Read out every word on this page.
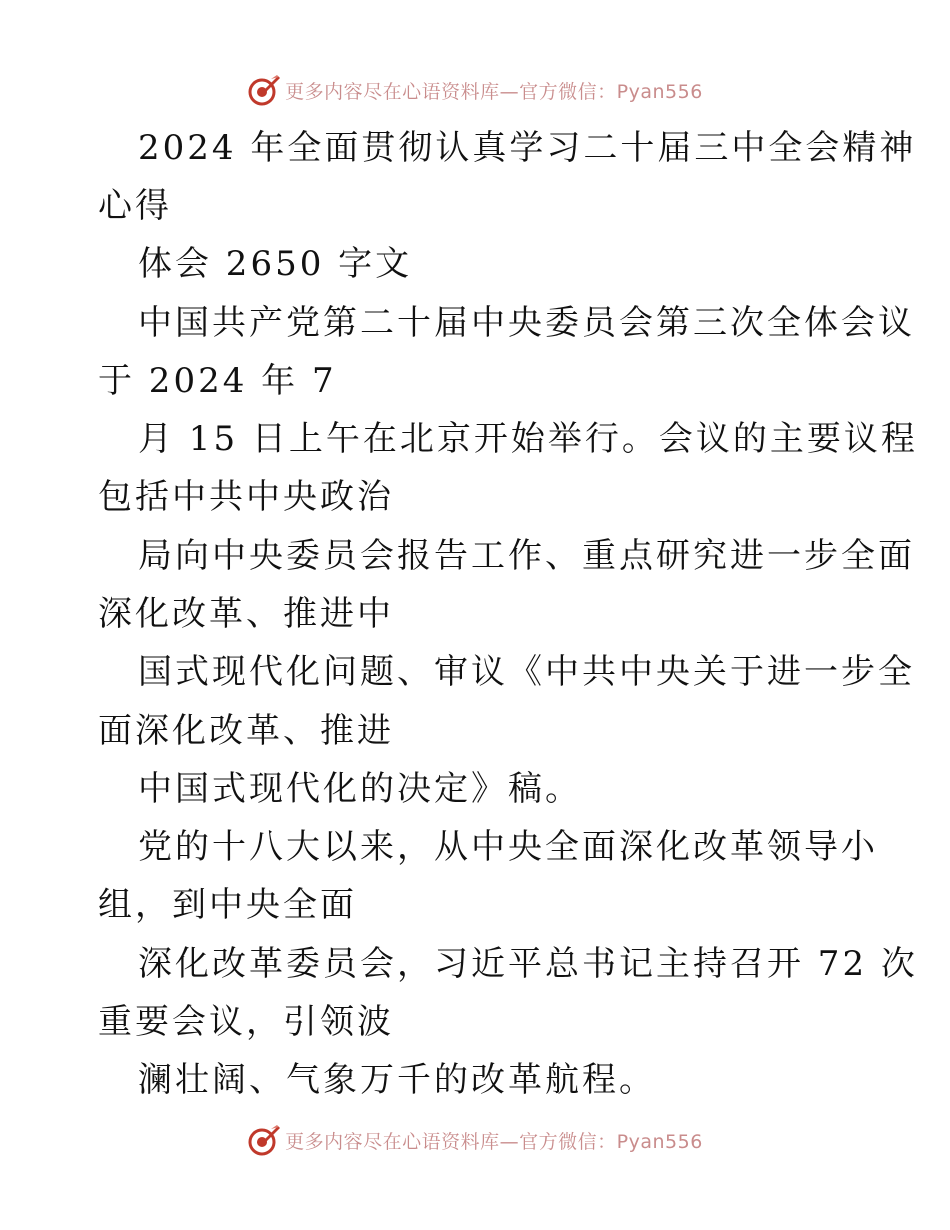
更多内容尽在心语资料库—官方微信：Pyan556
2024 年全面贯彻认真学习二十届三中全会精神
心得
体会 2650 字文
中国共产党第二十届中央委员会第三次全体会议
于 2024 年 7
月 15 日上午在北京开始举行。会议的主要议程
包括中共中央政治
局向中央委员会报告工作、重点研究进一步全面
深化改革、推进中
国式现代化问题、审议《中共中央关于进一步全
面深化改革、推进
中国式现代化的决定》稿。
党的十八大以来，从中央全面深化改革领导小
组，到中央全面
深化改革委员会，习近平总书记主持召开 72 次
重要会议，引领波
澜壮阔、气象万千的改革航程。
更多内容尽在心语资料库—官方微信：Pyan556
